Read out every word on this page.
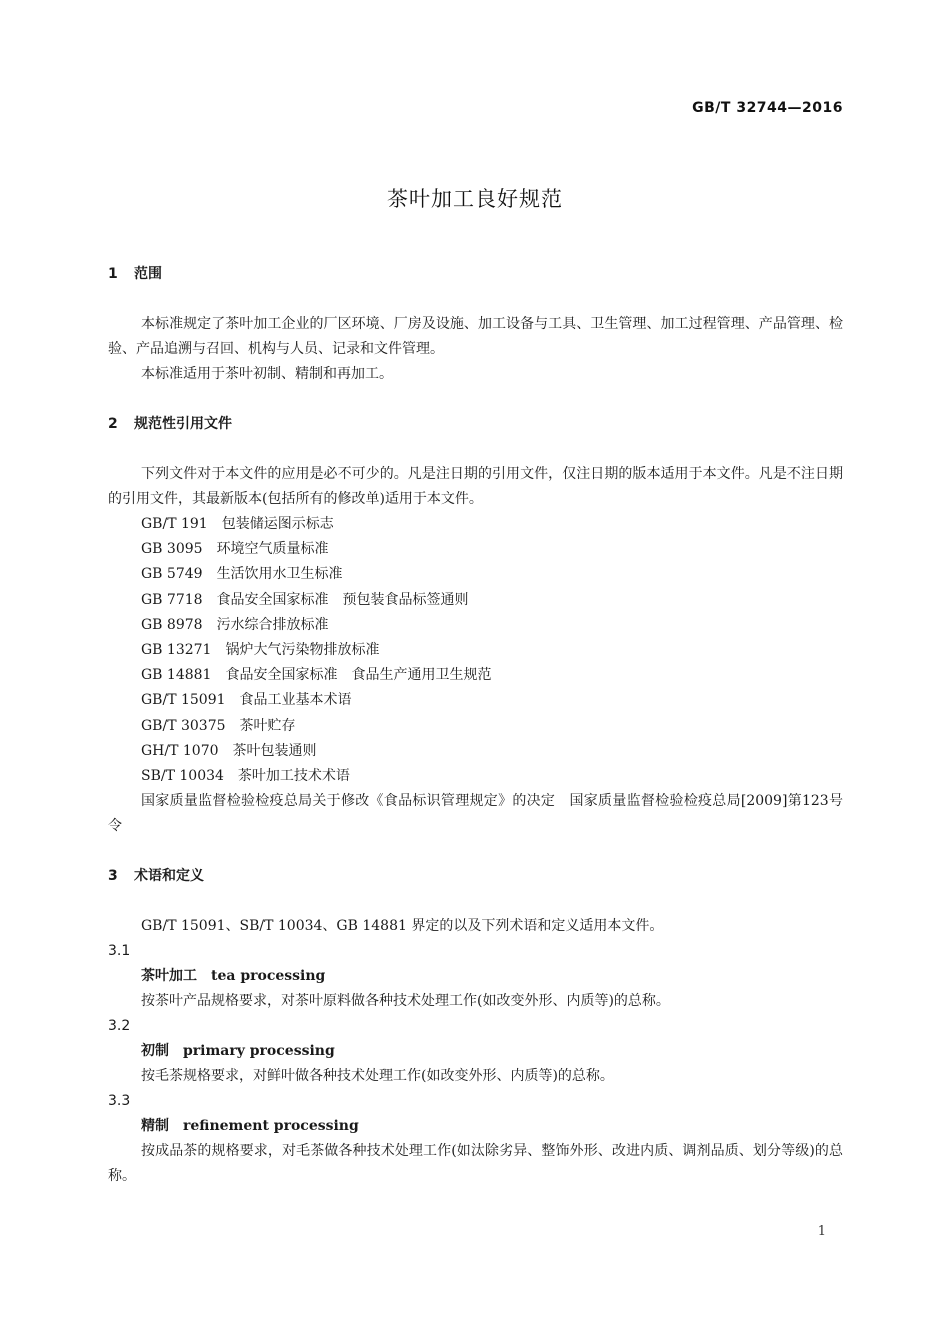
GB/T 32744—2016
茶叶加工良好规范
1 范围

本标准规定了茶叶加工企业的厂区环境、厂房及设施、加工设备与工具、卫生管理、加工过程管理、产品管理、检验、产品追溯与召回、机构与人员、记录和文件管理。

本标准适用于茶叶初制、精制和再加工。

2 规范性引用文件

下列文件对于本文件的应用是必不可少的。凡是注日期的引用文件，仅注日期的版本适用于本文件。凡是不注日期的引用文件，其最新版本(包括所有的修改单)适用于本文件。

GB/T 191 包装储运图示标志
GB 3095 环境空气质量标准
GB 5749 生活饮用水卫生标准
GB 7718 食品安全国家标准　预包装食品标签通则
GB 8978 污水综合排放标准
GB 13271 锅炉大气污染物排放标准
GB 14881 食品安全国家标准　食品生产通用卫生规范
GB/T 15091 食品工业基本术语
GB/T 30375 茶叶贮存
GH/T 1070 茶叶包装通则
SB/T 10034 茶叶加工技术术语

国家质量监督检验检疫总局关于修改《食品标识管理规定》的决定　国家质量监督检验检疫总局[2009]第123号令

3 术语和定义

GB/T 15091、SB/T 10034、GB 14881 界定的以及下列术语和定义适用本文件。

3.1
茶叶加工 tea processing

按茶叶产品规格要求，对茶叶原料做各种技术处理工作(如改变外形、内质等)的总称。

3.2
初制 primary processing

按毛茶规格要求，对鲜叶做各种技术处理工作(如改变外形、内质等)的总称。

3.3
精制 refinement processing

按成品茶的规格要求，对毛茶做各种技术处理工作(如汰除劣异、整饰外形、改进内质、调剂品质、划分等级)的总称。

1
